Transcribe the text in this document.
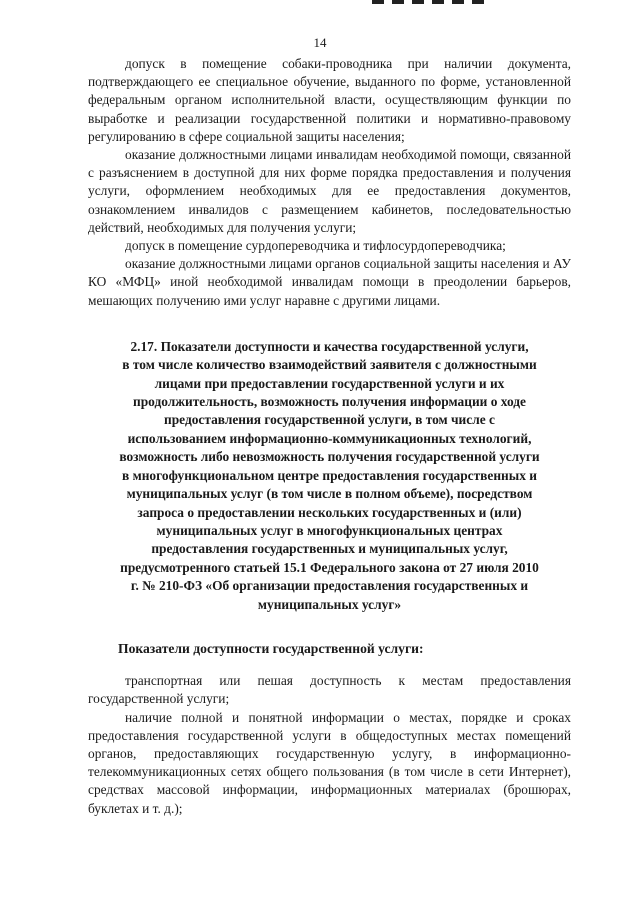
14

допуск в помещение собаки-проводника при наличии документа, подтверждающего ее специальное обучение, выданного по форме, установленной федеральным органом исполнительной власти, осуществляющим функции по выработке и реализации государственной политики и нормативно-правовому регулированию в сфере социальной защиты населения;

оказание должностными лицами инвалидам необходимой помощи, связанной с разъяснением в доступной для них форме порядка предоставления и получения услуги, оформлением необходимых для ее предоставления документов, ознакомлением инвалидов с размещением кабинетов, последовательностью действий, необходимых для получения услуги;

допуск в помещение сурдопереводчика и тифлосурдопереводчика;

оказание должностными лицами органов социальной защиты населения и АУ КО «МФЦ» иной необходимой инвалидам помощи в преодолении барьеров, мешающих получению ими услуг наравне с другими лицами.

2.17. Показатели доступности и качества государственной услуги,
в том числе количество взаимодействий заявителя с должностными
лицами при предоставлении государственной услуги и их
продолжительность, возможность получения информации о ходе
предоставления государственной услуги, в том числе с
использованием информационно-коммуникационных технологий,
возможность либо невозможность получения государственной услуги
в многофункциональном центре предоставления государственных и
муниципальных услуг (в том числе в полном объеме), посредством
запроса о предоставлении нескольких государственных и (или)
муниципальных услуг в многофункциональных центрах
предоставления государственных и муниципальных услуг,
предусмотренного статьей 15.1 Федерального закона от 27 июля 2010
г. № 210-ФЗ «Об организации предоставления государственных и
муниципальных услуг»
Показатели доступности государственной услуги:

транспортная или пешая доступность к местам предоставления государственной услуги;

наличие полной и понятной информации о местах, порядке и сроках предоставления государственной услуги в общедоступных местах помещений органов, предоставляющих государственную услугу, в информационно-телекоммуникационных сетях общего пользования (в том числе в сети Интернет), средствах массовой информации, информационных материалах (брошюрах, буклетах и т. д.);
